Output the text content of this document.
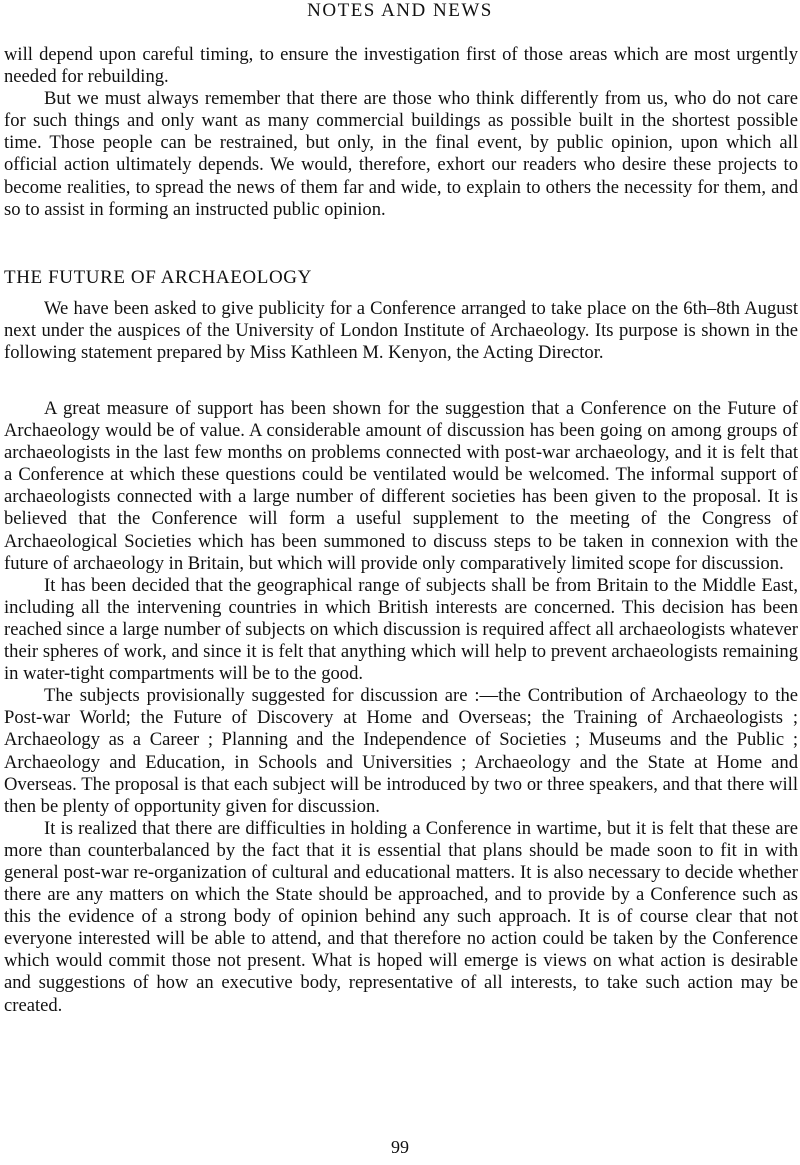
NOTES AND NEWS

will depend upon careful timing, to ensure the investigation first of those areas which are most urgently needed for rebuilding.

But we must always remember that there are those who think differently from us, who do not care for such things and only want as many commercial buildings as possible built in the shortest possible time. Those people can be restrained, but only, in the final event, by public opinion, upon which all official action ultimately depends. We would, therefore, exhort our readers who desire these projects to become realities, to spread the news of them far and wide, to explain to others the necessity for them, and so to assist in forming an instructed public opinion.

THE FUTURE OF ARCHAEOLOGY

We have been asked to give publicity for a Conference arranged to take place on the 6th–8th August next under the auspices of the University of London Institute of Archaeology. Its purpose is shown in the following statement prepared by Miss Kathleen M. Kenyon, the Acting Director.

A great measure of support has been shown for the suggestion that a Conference on the Future of Archaeology would be of value. A considerable amount of discussion has been going on among groups of archaeologists in the last few months on problems connected with post-war archaeology, and it is felt that a Conference at which these questions could be ventilated would be welcomed. The informal support of archaeologists connected with a large number of different societies has been given to the proposal. It is believed that the Conference will form a useful supplement to the meeting of the Congress of Archaeological Societies which has been summoned to discuss steps to be taken in connexion with the future of archaeology in Britain, but which will provide only comparatively limited scope for discussion.

It has been decided that the geographical range of subjects shall be from Britain to the Middle East, including all the intervening countries in which British interests are concerned. This decision has been reached since a large number of subjects on which discussion is required affect all archaeologists whatever their spheres of work, and since it is felt that anything which will help to prevent archaeologists remaining in water-tight compartments will be to the good.

The subjects provisionally suggested for discussion are :—the Contribution of Archaeology to the Post-war World; the Future of Discovery at Home and Overseas; the Training of Archaeologists ; Archaeology as a Career ; Planning and the Independence of Societies ; Museums and the Public ; Archaeology and Education, in Schools and Universities ; Archaeology and the State at Home and Overseas. The proposal is that each subject will be introduced by two or three speakers, and that there will then be plenty of opportunity given for discussion.

It is realized that there are difficulties in holding a Conference in wartime, but it is felt that these are more than counterbalanced by the fact that it is essential that plans should be made soon to fit in with general post-war re-organization of cultural and educational matters. It is also necessary to decide whether there are any matters on which the State should be approached, and to provide by a Conference such as this the evidence of a strong body of opinion behind any such approach. It is of course clear that not everyone interested will be able to attend, and that therefore no action could be taken by the Conference which would commit those not present. What is hoped will emerge is views on what action is desirable and suggestions of how an executive body, representative of all interests, to take such action may be created.

99
